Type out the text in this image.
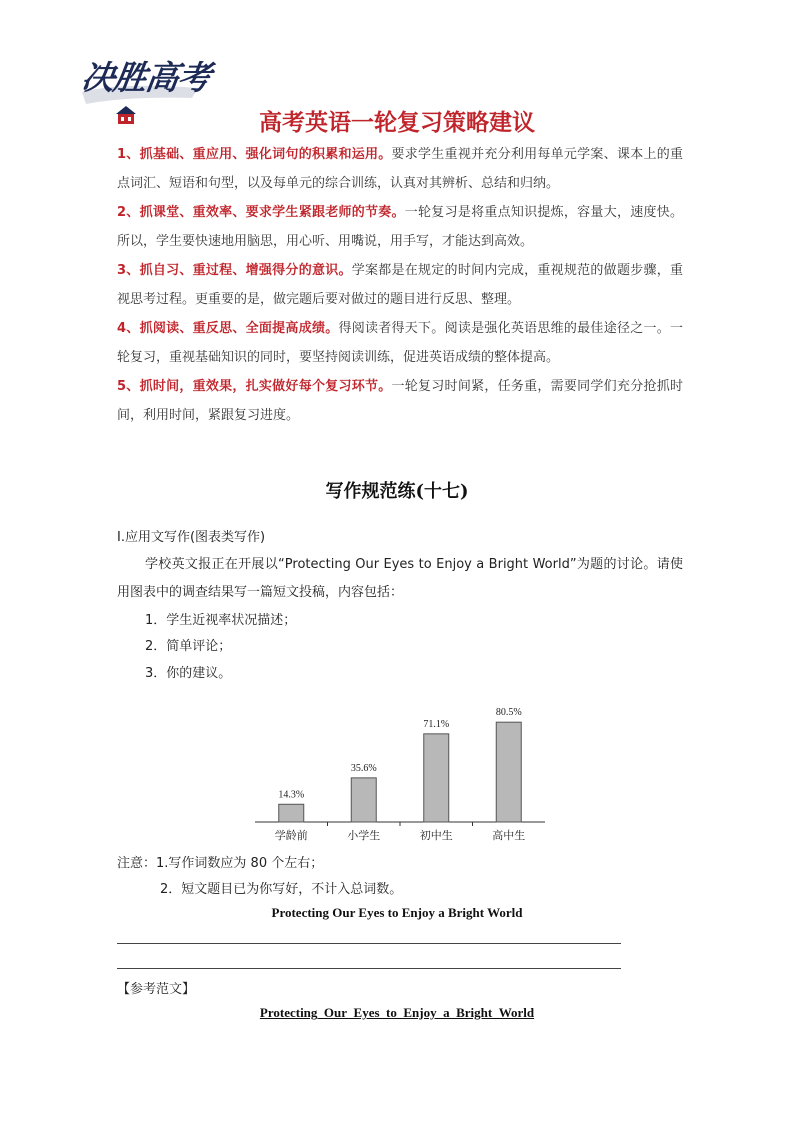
决胜高考
高考英语一轮复习策略建议

1、抓基础、重应用、强化词句的积累和运用。要求学生重视并充分利用每单元学案、课本上的重点词汇、短语和句型，以及每单元的综合训练，认真对其辨析、总结和归纳。

2、抓课堂、重效率、要求学生紧跟老师的节奏。一轮复习是将重点知识提炼，容量大，速度快。所以，学生要快速地用脑思，用心听、用嘴说，用手写，才能达到高效。

3、抓自习、重过程、增强得分的意识。学案都是在规定的时间内完成，重视规范的做题步骤，重视思考过程。更重要的是，做完题后要对做过的题目进行反思、整理。

4、抓阅读、重反思、全面提高成绩。得阅读者得天下。阅读是强化英语思维的最佳途径之一。一轮复习，重视基础知识的同时，要坚持阅读训练，促进英语成绩的整体提高。

5、抓时间，重效果，扎实做好每个复习环节。一轮复习时间紧，任务重，需要同学们充分抢抓时间，利用时间，紧跟复习进度。

写作规范练(十七)
Ⅰ.应用文写作(图表类写作)
学校英文报正在开展以“Protecting Our Eyes to Enjoy a Bright World”为题的讨论。请使用图表中的调查结果写一篇短文投稿，内容包括：
1．学生近视率状况描述；
2．简单评论；
3．你的建议。
14.3%
学龄前
35.6%
小学生
71.1%
初中生
80.5%
高中生
注意：1.写作词数应为 80 个左右；
2．短文题目已为你写好，不计入总词数。
Protecting Our Eyes to Enjoy a Bright World
【参考范文】
Protecting_Our_Eyes_to_Enjoy_a_Bright_World
